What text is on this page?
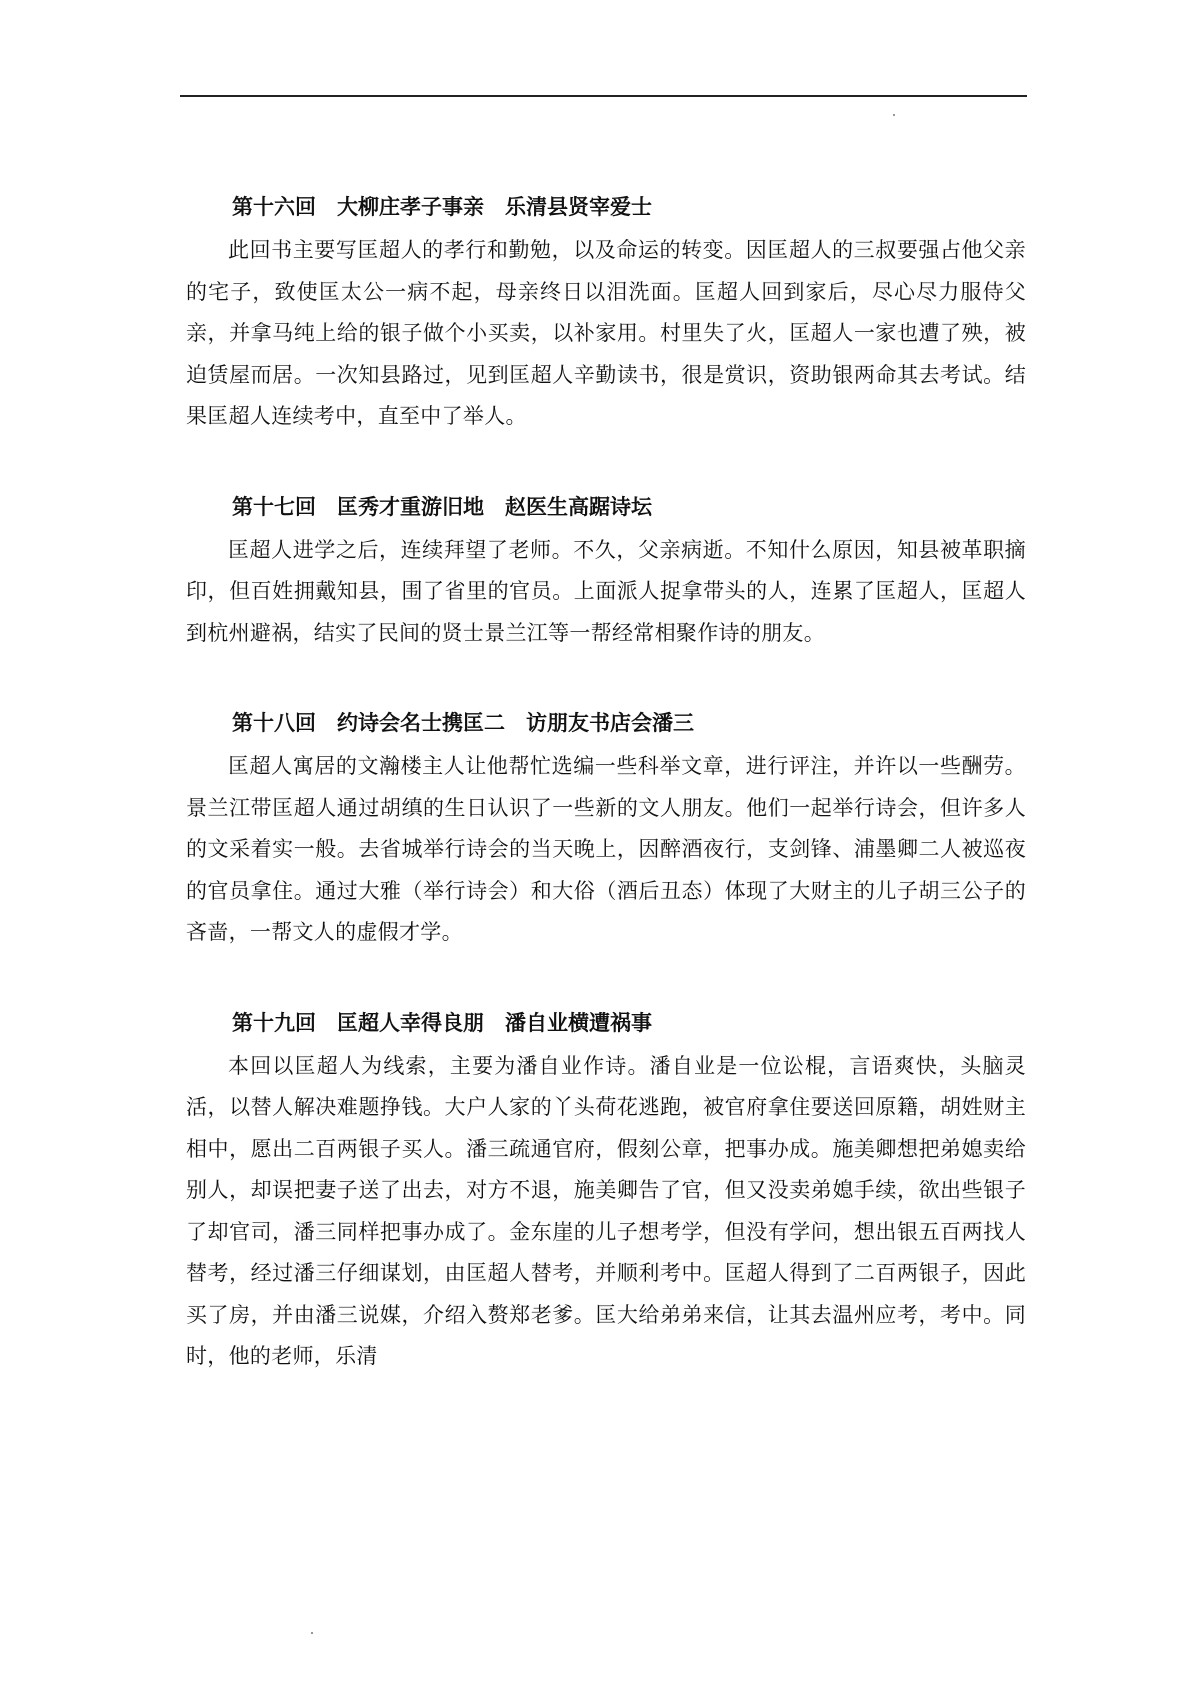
第十六回　大柳庄孝子事亲　乐清县贤宰爱士

此回书主要写匡超人的孝行和勤勉，以及命运的转变。因匡超人的三叔要强占他父亲的宅子，致使匡太公一病不起，母亲终日以泪洗面。匡超人回到家后，尽心尽力服侍父亲，并拿马纯上给的银子做个小买卖，以补家用。村里失了火，匡超人一家也遭了殃，被迫赁屋而居。一次知县路过，见到匡超人辛勤读书，很是赏识，资助银两命其去考试。结果匡超人连续考中，直至中了举人。

第十七回　匡秀才重游旧地　赵医生高踞诗坛

匡超人进学之后，连续拜望了老师。不久，父亲病逝。不知什么原因，知县被革职摘印，但百姓拥戴知县，围了省里的官员。上面派人捉拿带头的人，连累了匡超人，匡超人到杭州避祸，结实了民间的贤士景兰江等一帮经常相聚作诗的朋友。

第十八回　约诗会名士携匡二　访朋友书店会潘三

匡超人寓居的文瀚楼主人让他帮忙选编一些科举文章，进行评注，并许以一些酬劳。景兰江带匡超人通过胡缜的生日认识了一些新的文人朋友。他们一起举行诗会，但许多人的文采着实一般。去省城举行诗会的当天晚上，因醉酒夜行，支剑锋、浦墨卿二人被巡夜的官员拿住。通过大雅（举行诗会）和大俗（酒后丑态）体现了大财主的儿子胡三公子的吝啬，一帮文人的虚假才学。

第十九回　匡超人幸得良朋　潘自业横遭祸事

本回以匡超人为线索，主要为潘自业作诗。潘自业是一位讼棍，言语爽快，头脑灵活，以替人解决难题挣钱。大户人家的丫头荷花逃跑，被官府拿住要送回原籍，胡姓财主相中，愿出二百两银子买人。潘三疏通官府，假刻公章，把事办成。施美卿想把弟媳卖给别人，却误把妻子送了出去，对方不退，施美卿告了官，但又没卖弟媳手续，欲出些银子了却官司，潘三同样把事办成了。金东崖的儿子想考学，但没有学问，想出银五百两找人替考，经过潘三仔细谋划，由匡超人替考，并顺利考中。匡超人得到了二百两银子，因此买了房，并由潘三说媒，介绍入赘郑老爹。匡大给弟弟来信，让其去温州应考，考中。同时，他的老师，乐清
